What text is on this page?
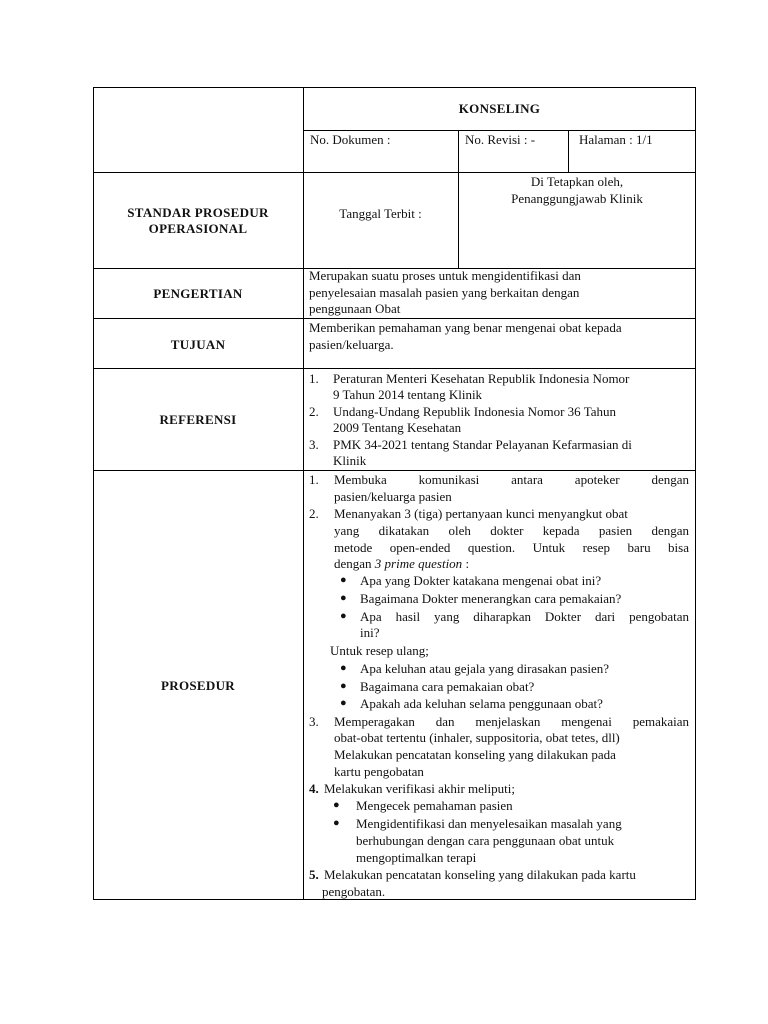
KONSELING
No. Dokumen :	No. Revisi : -	Halaman : 1/1
STANDAR PROSEDUR
OPERASIONAL
Tanggal Terbit :
Di Tetapkan oleh,
Penanggungjawab Klinik
PENGERTIAN
Merupakan suatu proses untuk mengidentifikasi dan
penyelesaian masalah pasien yang berkaitan dengan
penggunaan Obat
TUJUAN
Memberikan pemahaman yang benar mengenai obat kepada
pasien/keluarga.
REFERENSI
1. Peraturan Menteri Kesehatan Republik Indonesia Nomor
9 Tahun 2014 tentang Klinik
2. Undang-Undang Republik Indonesia Nomor 36 Tahun
2009 Tentang Kesehatan
3. PMK 34-2021 tentang Standar Pelayanan Kefarmasian di
Klinik
PROSEDUR
1. Membuka komunikasi antara apoteker dengan
pasien/keluarga pasien
2. Menanyakan 3 (tiga) pertanyaan kunci menyangkut obat
yang dikatakan oleh dokter kepada pasien dengan
metode open-ended question. Untuk resep baru bisa
dengan 3 prime question :
● Apa yang Dokter katakana mengenai obat ini?
● Bagaimana Dokter menerangkan cara pemakaian?
● Apa hasil yang diharapkan Dokter dari pengobatan
ini?
Untuk resep ulang;
● Apa keluhan atau gejala yang dirasakan pasien?
● Bagaimana cara pemakaian obat?
● Apakah ada keluhan selama penggunaan obat?
3. Memperagakan dan menjelaskan mengenai pemakaian
obat-obat tertentu (inhaler, suppositoria, obat tetes, dll)
Melakukan pencatatan konseling yang dilakukan pada
kartu pengobatan
4. Melakukan verifikasi akhir meliputi;
● Mengecek pemahaman pasien
● Mengidentifikasi dan menyelesaikan masalah yang
berhubungan dengan cara penggunaan obat untuk
mengoptimalkan terapi
5. Melakukan pencatatan konseling yang dilakukan pada kartu
pengobatan.
